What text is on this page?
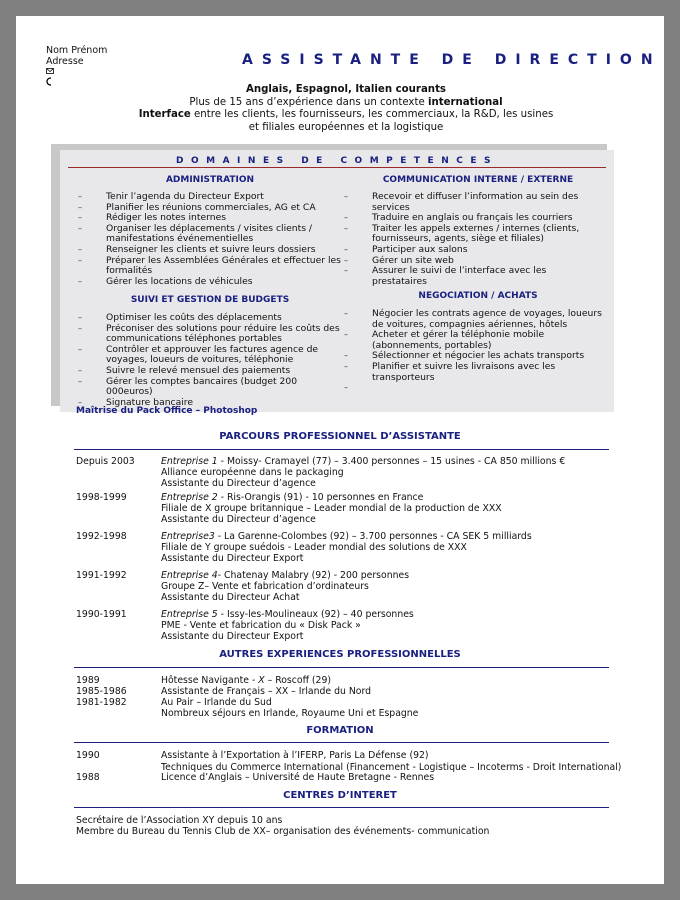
Nom Prénom
Adresse	ASSISTANTE DE DIRECTION
Anglais, Espagnol, Italien courants
Plus de 15 ans d’expérience dans un contexte international
Interface entre les clients, les fournisseurs, les commerciaux, la R&D, les usines
et filiales européennes et la logistique
DOMAINES DE COMPETENCES
ADMINISTRATION
–	Tenir l’agenda du Directeur Export
–	Planifier les réunions commerciales, AG et CA
–	Rédiger les notes internes
–	Organiser les déplacements / visites clients / manifestations événementielles
–	Renseigner les clients et suivre leurs dossiers
–	Préparer les Assemblées Générales et effectuer les formalités
–	Gérer les locations de véhicules
SUIVI ET GESTION DE BUDGETS
–	Optimiser les coûts des déplacements
–	Préconiser des solutions pour réduire les coûts des communications téléphones portables
–	Contrôler et approuver les factures agence de voyages, loueurs de voitures, téléphonie
–	Suivre le relevé mensuel des paiements
–	Gérer les comptes bancaires (budget 200 000euros)
–	Signature bancaire
COMMUNICATION INTERNE / EXTERNE
–	Recevoir et diffuser l’information au sein des services
–	Traduire en anglais ou français les courriers
–	Traiter les appels externes / internes (clients, fournisseurs, agents, siège et filiales)
–	Participer aux salons
–	Gérer un site web
–	Assurer le suivi de l’interface avec les prestataires
NEGOCIATION / ACHATS
–	Négocier les contrats agence de voyages, loueurs de voitures, compagnies aériennes, hôtels
–	Acheter et gérer la téléphonie mobile (abonnements, portables)
–	Sélectionner et négocier les achats transports
–	Planifier et suivre les livraisons avec les transporteurs
–
Maîtrise du Pack Office – Photoshop
PARCOURS PROFESSIONNEL D’ASSISTANTE
Depuis 2003	Entreprise 1 - Moissy- Cramayel (77) – 3.400 personnes – 15 usines - CA 850 millions €
Alliance européenne dans le packaging
Assistante du Directeur d’agence
1998-1999	Entreprise 2 - Ris-Orangis (91) - 10 personnes en France
Filiale de X groupe britannique – Leader mondial de la production de XXX
Assistante du Directeur d’agence
1992-1998	Entreprise3 - La Garenne-Colombes (92) – 3.700 personnes - CA SEK 5 milliards
Filiale de Y groupe suédois - Leader mondial des solutions de XXX
Assistante du Directeur Export
1991-1992	Entreprise 4- Chatenay Malabry (92) - 200 personnes
Groupe Z– Vente et fabrication d’ordinateurs
Assistante du Directeur Achat
1990-1991	Entreprise 5 - Issy-les-Moulineaux (92) – 40 personnes
PME - Vente et fabrication du « Disk Pack »
Assistante du Directeur Export
AUTRES EXPERIENCES PROFESSIONNELLES
1989	Hôtesse Navigante - X – Roscoff (29)
1985-1986	Assistante de Français – XX – Irlande du Nord
1981-1982	Au Pair – Irlande du Sud
Nombreux séjours en Irlande, Royaume Uni et Espagne
FORMATION
1990	Assistante à l’Exportation à l’IFERP, Paris La Défense (92)
Techniques du Commerce International (Financement - Logistique – Incoterms - Droit International)
1988	Licence d’Anglais – Université de Haute Bretagne - Rennes
CENTRES D’INTERET
Secrétaire de l’Association XY depuis 10 ans
Membre du Bureau du Tennis Club de XX– organisation des événements- communication
